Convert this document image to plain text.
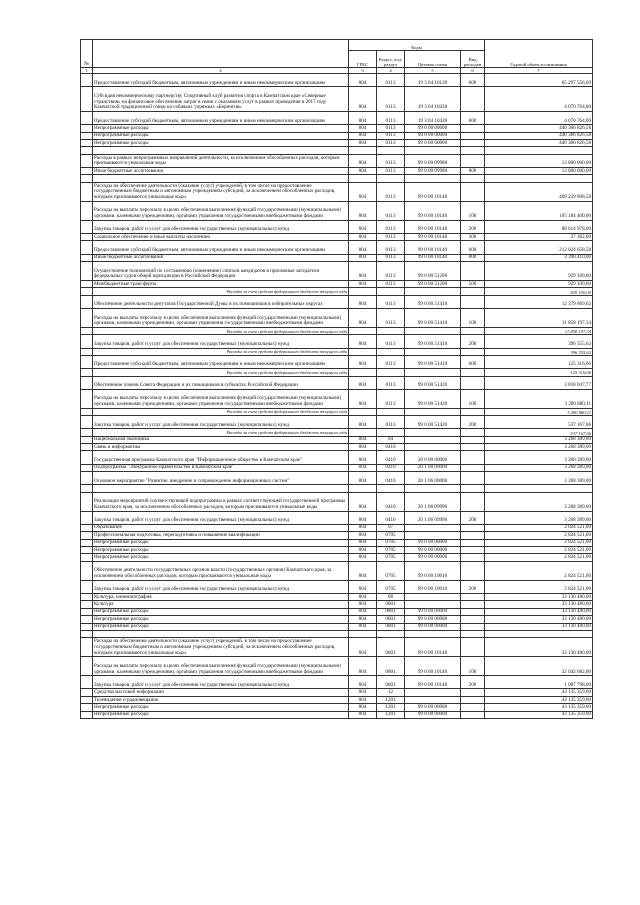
№		Коды				Годовой объем ассигнования
		ГРБС	Раздел, под-раздел	Целевая статья	Вид расходов	
1	2	3	4	5	6	7
	Предоставление субсидий бюджетным, автономным учреждениям и иным некоммерческим организациям	804	0113	19 3 04 10130	600	65 297 556,69
	Субсидия некоммерческому партнерству Спортивный клуб развития спорта в Камчатском крае «Северные странствия» на финансовое обеспечение затрат в связи с оказанием услуг в рамках проведения в 2017 году Камчатской традиционной гонки на собачьих упряжках «Берингия»	804	0113	19 3 04 10430		4 070 764,00
	Предоставление субсидий бюджетным, автономным учреждениям и иным некоммерческим организациям	804	0113	19 3 04 10430	600	4 070 764,00
	Непрограммные расходы	804	0113	99 0 00 00000		440 366 826,58
	Непрограммные расходы	804	0113	99 0 00 00000		440 366 826,58
	Непрограммные расходы	804	0113	99 0 00 00000		440 366 826,58

	Расходы в рамках непрограммных направлений деятельности, за исключением обособленных расходов, которым присваиваются уникальные коды	804	0113	99 0 00 09980		13 800 000,00
	Иные бюджетные ассигнования	804	0113	99 0 00 09980	800	13 800 000,00

	Расходы на обеспечение деятельности (оказание услуг) учреждений, в том числе на предоставление государственным бюджетным и автономным учреждениям субсидий, за исключением обособленных расходов, которым присваиваются уникальные коды	804	0113	99 0 00 10140		409 239 808,58
	Расходы на выплаты персоналу в целях обеспечения выполнения функций государственными (муниципальными) органами, казенными учреждениями, органами управления государственными внебюджетными фондами	804	0113	99 0 00 10140	100	105 184 400,00
	Закупка товаров, работ и услуг для обеспечения государственных (муниципальных) нужд	804	0113	99 0 00 10140	200	88 614 978,00
	Социальное обеспечение и иные выплаты населению	804	0113	99 0 00 10140	300	37 362,00
	Предоставление субсидий бюджетным, автономным учреждениям и иным некоммерческим организациям	804	0113	99 0 00 10140	600	212 024 658,58
	Иные бюджетные ассигнования	804	0113	99 0 00 10140	800	3 398 410,00
	Осуществление полномочий по составлению (изменению) списков кандидатов в присяжные заседатели федеральных судов общей юрисдикции в Российской Федерации	804	0113	99 0 00 51200		929 100,00
	Межбюджетные трансферты	804	0113	99 0 00 51200	500	929 100,00
	Расходы за счет средств федерального бюджета текущего года					929 100,00
	Обеспечение деятельности депутатов Государственной Думы и их помощников в избирательных округах	804	0113	99 0 00 51410		12 379 869,62
	Расходы на выплаты персоналу в целях обеспечения выполнения функций государственными (муниципальными) органами, казенными учреждениями, органами управления государственными внебюджетными фондами	804	0113	99 0 00 51410	100	11 858 197,34
	Расходы за счет средств федерального бюджета текущего года					11 858 197,34
	Закупка товаров, работ и услуг для обеспечения государственных (муниципальных) нужд	804	0113	99 0 00 51410	200	396 355,62
	Расходы за счет средств федерального бюджета текущего года					396 355,62
	Предоставление субсидий бюджетным, автономным учреждениям и иным некоммерческим организациям	804	0113	99 0 00 51410	600	125 316,66
	Расходы за счет средств федерального бюджета текущего года					125 316,66
	Обеспечение членов Совета Федерации и их помощников в субъектах Российской Федерации	804	0113	99 0 00 51420		3 818 047,77
	Расходы на выплаты персоналу в целях обеспечения выполнения функций государственными (муниципальными) органами, казенными учреждениями, органами управления государственными внебюджетными фондами	804	0113	99 0 00 51420	100	3 280 880,11
	Расходы за счет средств федерального бюджета текущего года					3 280 880,11
	Закупка товаров, работ и услуг для обеспечения государственных (муниципальных) нужд	804	0113	99 0 00 51420	200	537 167,66
	Расходы за счет средств федерального бюджета текущего года					537 167,66
	Национальная экономика	804	04			3 268 389,00
	Связь и информатика	804	0410			3 268 389,00
	Государственная программа Камчатского края "Информационное общество в Камчатском крае"	804	0410	20 0 00 00000		3 268 389,00
	Подпрограмма "Электронное правительство в Камчатском крае"	804	0410	20 1 00 00000		3 268 389,00
	Основное мероприятие "Развитие, внедрение и сопровождение информационных систем"	804	0410	20 1 06 00000		3 268 389,00

	Реализация мероприятий соответствующей подпрограммы в рамках соответствующей государственной программы Камчатского края, за исключением обособленных расходов, которым присваиваются уникальные коды	804	0410	20 1 06 09990		3 268 389,00
	Закупка товаров, работ и услуг для обеспечения государственных (муниципальных) нужд	804	0410	20 1 06 09990	200	3 268 389,00
	Образование	804	07			2 824 521,00
	Профессиональная подготовка, переподготовка и повышение квалификации	804	0705			2 824 521,00
	Непрограммные расходы	804	0705	99 0 00 00000		2 824 521,00
	Непрограммные расходы	804	0705	99 0 00 00000		2 824 521,00
	Непрограммные расходы	804	0705	99 0 00 00000		2 824 521,00
	Обеспечение деятельности государственных органов власти (государственных органов) Камчатского края, за исключением обособленных расходов, которым присваиваются уникальные коды	804	0705	99 0 00 10010		2 824 521,00
	Закупка товаров, работ и услуг для обеспечения государственных (муниципальных) нужд	804	0705	99 0 00 10010	200	2 824 521,00
	Культура, кинематография	804	08			33 130 480,00
	Культура	804	0801			33 130 480,00
	Непрограммные расходы	804	0801	99 0 00 00000		33 130 480,00
	Непрограммные расходы	804	0801	99 0 00 00000		33 130 480,00
	Непрограммные расходы	804	0801	99 0 00 00000		33 130 480,00

	Расходы на обеспечение деятельности (оказание услуг) учреждений, в том числе на предоставление государственным бюджетным и автономным учреждениям субсидий, за исключением обособленных расходов, которым присваиваются уникальные коды	804	0801	99 0 00 10140		33 130 480,00
	Расходы на выплаты персоналу в целях обеспечения выполнения функций государственными (муниципальными) органами, казенными учреждениями, органами управления государственными внебюджетными фондами	804	0801	99 0 00 10140	100	32 042 682,00
	Закупка товаров, работ и услуг для обеспечения государственных (муниципальных) нужд	804	0801	99 0 00 10140	200	1 087 798,00
	Средства массовой информации	804	12			43 135 359,00
	Телевидение и радиовещание	804	1201			43 135 359,00
	Непрограммные расходы	804	1201	99 0 00 00000		43 135 359,00
	Непрограммные расходы	804	1201	99 0 00 00000		43 135 359,00
